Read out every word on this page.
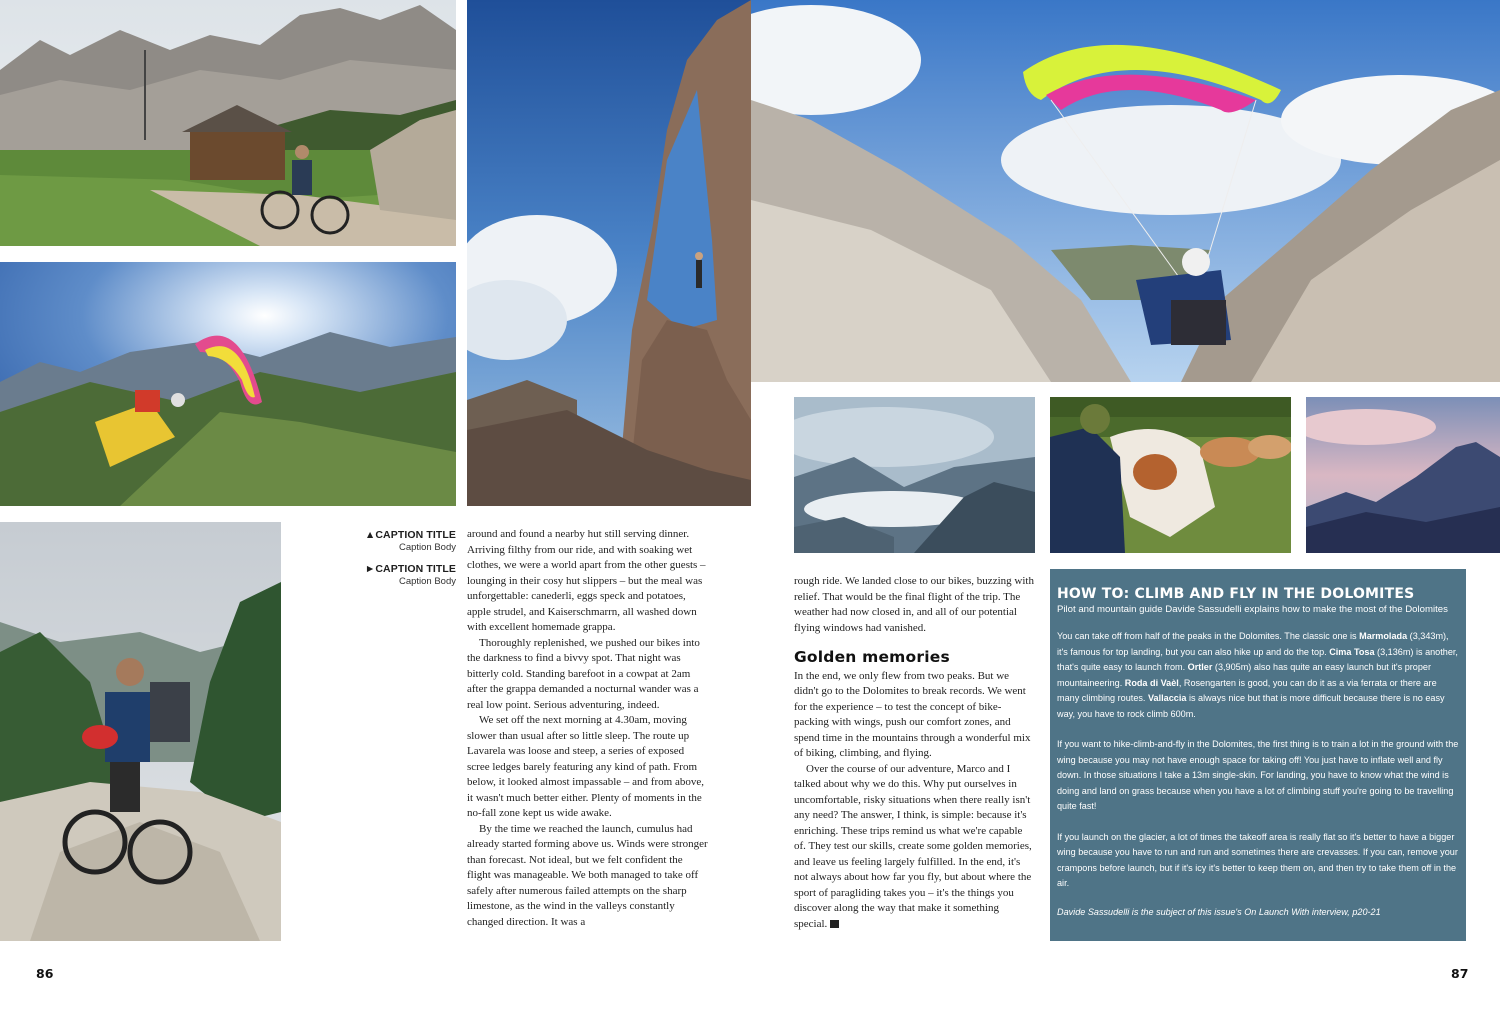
▲CAPTION TITLE
Caption Body
►CAPTION TITLE
Caption Body

around and found a nearby hut still serving dinner. Arriving filthy from our ride, and with soaking wet clothes, we were a world apart from the other guests – lounging in their cosy hut slippers – but the meal was unforgettable: canederli, eggs speck and potatoes, apple strudel, and Kaiserschmarrn, all washed down with excellent homemade grappa.

Thoroughly replenished, we pushed our bikes into the darkness to find a bivvy spot. That night was bitterly cold. Standing barefoot in a cowpat at 2am after the grappa demanded a nocturnal wander was a real low point. Serious adventuring, indeed.

We set off the next morning at 4.30am, moving slower than usual after so little sleep. The route up Lavarela was loose and steep, a series of exposed scree ledges barely featuring any kind of path. From below, it looked almost impassable – and from above, it wasn't much better either. Plenty of moments in the no-fall zone kept us wide awake.

By the time we reached the launch, cumulus had already started forming above us. Winds were stronger than forecast. Not ideal, but we felt confident the flight was manageable. We both managed to take off safely after numerous failed attempts on the sharp limestone, as the wind in the valleys constantly changed direction. It was a

rough ride. We landed close to our bikes, buzzing with relief. That would be the final flight of the trip. The weather had now closed in, and all of our potential flying windows had vanished.

Golden memories

In the end, we only flew from two peaks. But we didn't go to the Dolomites to break records. We went for the experience – to test the concept of bike-packing with wings, push our comfort zones, and spend time in the mountains through a wonderful mix of biking, climbing, and flying.

Over the course of our adventure, Marco and I talked about why we do this. Why put ourselves in uncomfortable, risky situations when there really isn't any need? The answer, I think, is simple: because it's enriching. These trips remind us what we're capable of. They test our skills, create some golden memories, and leave us feeling largely fulfilled. In the end, it's not always about how far you fly, but about where the sport of paragliding takes you – it's the things you discover along the way that make it something special. C

HOW TO: CLIMB AND FLY IN THE DOLOMITES
Pilot and mountain guide Davide Sassudelli explains how to make the most of the Dolomites

You can take off from half of the peaks in the Dolomites. The classic one is Marmolada (3,343m), it's famous for top landing, but you can also hike up and do the top. Cima Tosa (3,136m) is another, that's quite easy to launch from. Ortler (3,905m) also has quite an easy launch but it's proper mountaineering. Roda di Vaèl, Rosengarten is good, you can do it as a via ferrata or there are many climbing routes. Vallaccia is always nice but that is more difficult because there is no easy way, you have to rock climb 600m.

If you want to hike-climb-and-fly in the Dolomites, the first thing is to train a lot in the ground with the wing because you may not have enough space for taking off! You just have to inflate well and fly down. In those situations I take a 13m single-skin. For landing, you have to know what the wind is doing and land on grass because when you have a lot of climbing stuff you're going to be travelling quite fast!

If you launch on the glacier, a lot of times the takeoff area is really flat so it's better to have a bigger wing because you have to run and run and sometimes there are crevasses. If you can, remove your crampons before launch, but if it's icy it's better to keep them on, and then try to take them off in the air.

Davide Sassudelli is the subject of this issue's On Launch With interview, p20-21

86	87
